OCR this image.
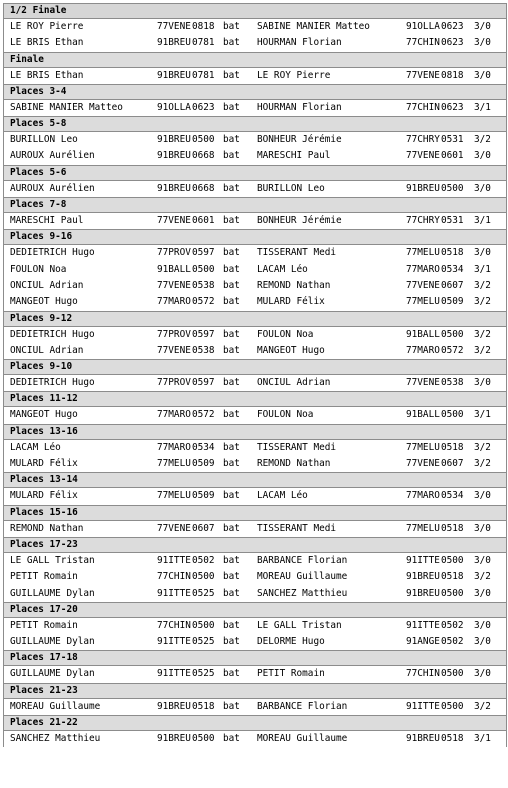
1/2 Finale
LE ROY Pierre	77VENE 0818 bat SABINE MANIER Matteo	91OLLA 0623 3/0
LE BRIS Ethan	91BREU 0781 bat HOURMAN Florian	77CHIN 0623 3/0
Finale
LE BRIS Ethan	91BREU 0781 bat LE ROY Pierre	77VENE 0818 3/0
Places 3-4
SABINE MANIER Matteo	91OLLA 0623 bat HOURMAN Florian	77CHIN 0623 3/1
Places 5-8
BURILLON Leo	91BREU 0500 bat BONHEUR Jérémie	77CHRY 0531 3/2
AUROUX Aurélien	91BREU 0668 bat MARESCHI Paul	77VENE 0601 3/0
Places 5-6
AUROUX Aurélien	91BREU 0668 bat BURILLON Leo	91BREU 0500 3/0
Places 7-8
MARESCHI Paul	77VENE 0601 bat BONHEUR Jérémie	77CHRY 0531 3/1
Places 9-16
DEDIETRICH Hugo	77PROV 0597 bat TISSERANT Medi	77MELU 0518 3/0
FOULON Noa	91BALL 0500 bat LACAM Léo	77MARO 0534 3/1
ONCIUL Adrian	77VENE 0538 bat REMOND Nathan	77VENE 0607 3/2
MANGEOT Hugo	77MARO 0572 bat MULARD Félix	77MELU 0509 3/2
Places 9-12
DEDIETRICH Hugo	77PROV 0597 bat FOULON Noa	91BALL 0500 3/2
ONCIUL Adrian	77VENE 0538 bat MANGEOT Hugo	77MARO 0572 3/2
Places 9-10
DEDIETRICH Hugo	77PROV 0597 bat ONCIUL Adrian	77VENE 0538 3/0
Places 11-12
MANGEOT Hugo	77MARO 0572 bat FOULON Noa	91BALL 0500 3/1
Places 13-16
LACAM Léo	77MARO 0534 bat TISSERANT Medi	77MELU 0518 3/2
MULARD Félix	77MELU 0509 bat REMOND Nathan	77VENE 0607 3/2
Places 13-14
MULARD Félix	77MELU 0509 bat LACAM Léo	77MARO 0534 3/0
Places 15-16
REMOND Nathan	77VENE 0607 bat TISSERANT Medi	77MELU 0518 3/0
Places 17-23
LE GALL Tristan	91ITTE 0502 bat BARBANCE Florian	91ITTE 0500 3/0
PETIT Romain	77CHIN 0500 bat MOREAU Guillaume	91BREU 0518 3/2
GUILLAUME Dylan	91ITTE 0525 bat SANCHEZ Matthieu	91BREU 0500 3/0
Places 17-20
PETIT Romain	77CHIN 0500 bat LE GALL Tristan	91ITTE 0502 3/0
GUILLAUME Dylan	91ITTE 0525 bat DELORME Hugo	91ANGE 0502 3/0
Places 17-18
GUILLAUME Dylan	91ITTE 0525 bat PETIT Romain	77CHIN 0500 3/0
Places 21-23
MOREAU Guillaume	91BREU 0518 bat BARBANCE Florian	91ITTE 0500 3/2
Places 21-22
SANCHEZ Matthieu	91BREU 0500 bat MOREAU Guillaume	91BREU 0518 3/1
